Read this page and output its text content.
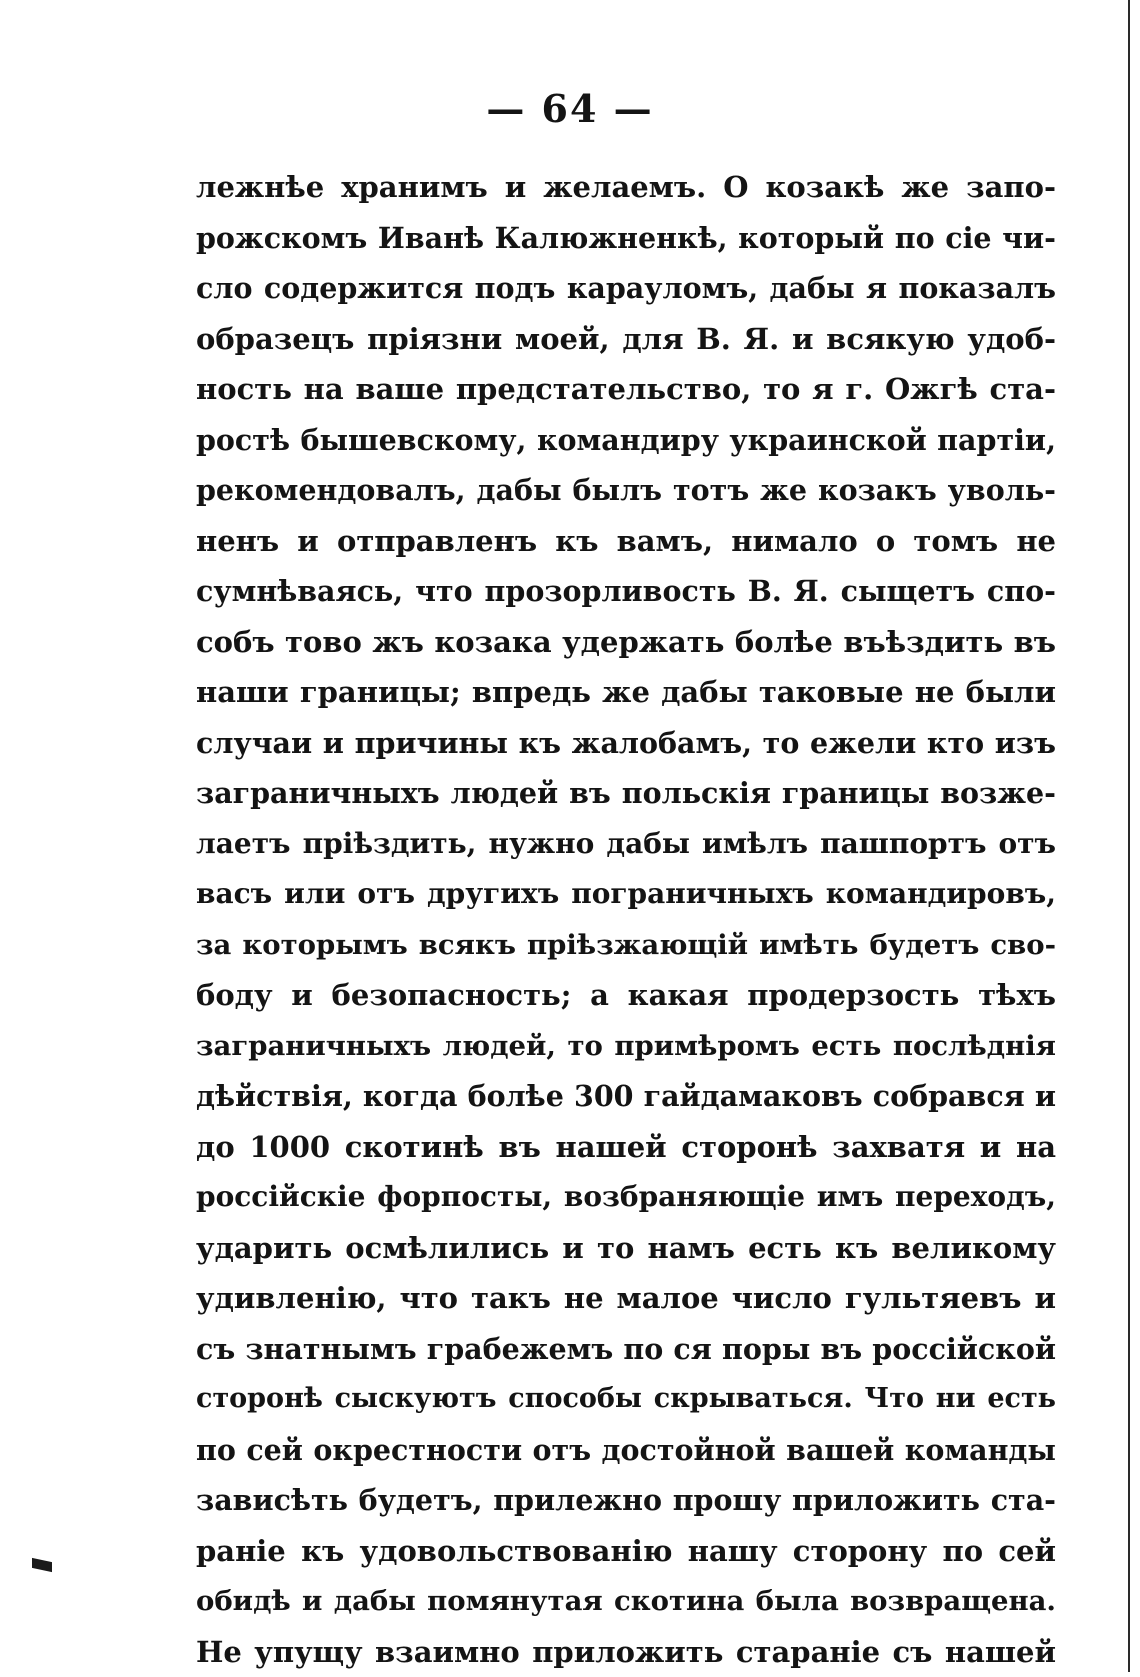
— 64 —
лежнѣе хранимъ и желаемъ. О козакѣ же запо-
рожскомъ Иванѣ Калюжненкѣ, который по сіе чи-
сло содержится подъ карауломъ, дабы я показалъ
образецъ пріязни моей, для В. Я. и всякую удоб-
ность на ваше предстательство, то я г. Ожгѣ ста-
ростѣ бышевскому, командиру украинской партіи,
рекомендовалъ, дабы былъ тотъ же козакъ уволь-
ненъ и отправленъ къ вамъ, нимало о томъ не
сумнѣваясь, что прозорливость В. Я. сыщетъ спо-
собъ тово жъ козака удержать болѣе въѣздить въ
наши границы; впредь же дабы таковые не были
случаи и причины къ жалобамъ, то ежели кто изъ
заграничныхъ людей въ польскія границы возже-
лаетъ пріѣздить, нужно дабы имѣлъ пашпортъ отъ
васъ или отъ другихъ пограничныхъ командировъ,
за которымъ всякъ пріѣзжающій имѣть будетъ сво-
боду и безопасность; а какая продерзость тѣхъ
заграничныхъ людей, то примѣромъ есть послѣднія
дѣйствія, когда болѣе 300 гайдамаковъ собрався и
до 1000 скотинѣ въ нашей сторонѣ захватя и на
россійскіе форпосты, возбраняющіе имъ переходъ,
ударить осмѣлились и то намъ есть къ великому
удивленію, что такъ не малое число гультяевъ и
съ знатнымъ грабежемъ по ся поры въ россійской
сторонѣ сыскуютъ способы скрываться. Что ни есть
по сей окрестности отъ достойной вашей команды
зависѣть будетъ, прилежно прошу приложить ста-
раніе къ удовольствованію нашу сторону по сей
обидѣ и дабы помянутая скотина была возвращена.
Не упущу взаимно приложить стараніе съ нашей
